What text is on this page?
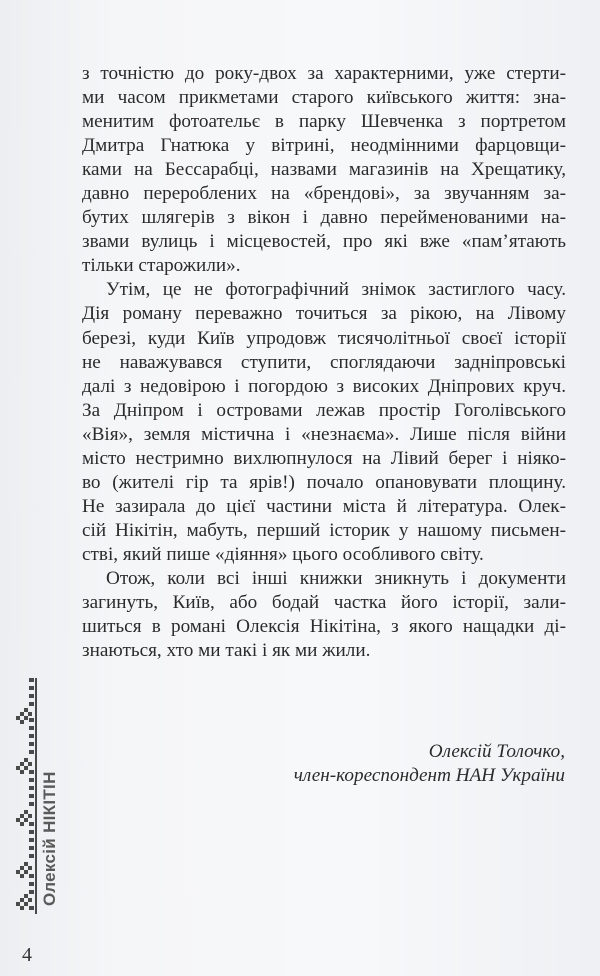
з точністю до року-двох за характерними, уже стерти-
ми часом прикметами старого київського життя: зна-
менитим фотоательє в парку Шевченка з портретом
Дмитра Гнатюка у вітрині, неодмінними фарцовщи-
ками на Бессарабці, назвами магазинів на Хрещатику,
давно перероблених на «брендові», за звучанням за-
бутих шлягерів з вікон і давно перейменованими на-
звами вулиць і місцевостей, про які вже «пам’ятають
тільки старожили».
Утім, це не фотографічний знімок застиглого часу.
Дія роману переважно точиться за рікою, на Лівому
березі, куди Київ упродовж тисячолітньої своєї історії
не наважувався ступити, споглядаючи задніпровські
далі з недовірою і погордою з високих Дніпрових круч.
За Дніпром і островами лежав простір Гоголівського
«Вія», земля містична і «незнаєма». Лише після війни
місто нестримно вихлюпнулося на Лівий берег і ніяко-
во (жителі гір та ярів!) почало опановувати площину.
Не зазирала до цієї частини міста й література. Олек-
сій Нікітін, мабуть, перший історик у нашому письмен-
стві, який пише «діяння» цього особливого світу.
Отож, коли всі інші книжки зникнуть і документи
загинуть, Київ, або бодай частка його історії, зали-
шиться в романі Олексія Нікітіна, з якого нащадки ді-
знаються, хто ми такі і як ми жили.
Олексій Толочко,
член-кореспондент НАН України
Олексій НІКІТІН
4
